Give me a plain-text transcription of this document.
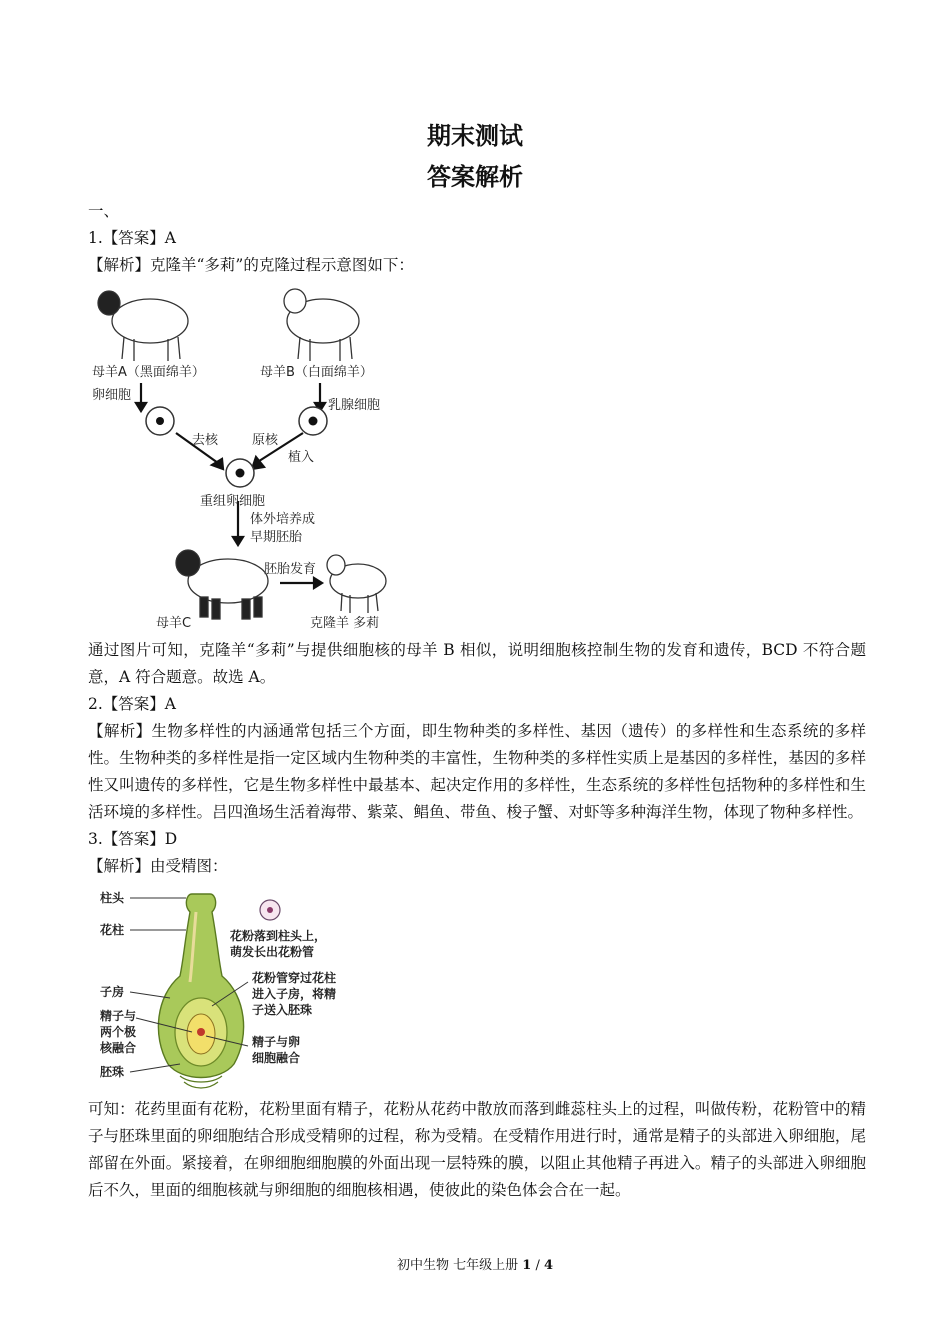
期末测试
答案解析
一、
1.【答案】A
【解析】克隆羊“多莉”的克隆过程示意图如下：
母羊A（黑面绵羊）	母羊B（白面绵羊）
卵细胞
乳腺细胞
去核	原核
植入
重组卵细胞
体外培养成
早期胚胎
胚胎发育
母羊C	克隆羊 多莉
通过图片可知，克隆羊“多莉”与提供细胞核的母羊 B 相似，说明细胞核控制生物的发育和遗传，BCD 不符合题意，A 符合题意。故选 A。
2.【答案】A
【解析】生物多样性的内涵通常包括三个方面，即生物种类的多样性、基因（遗传）的多样性和生态系统的多样性。生物种类的多样性是指一定区域内生物种类的丰富性，生物种类的多样性实质上是基因的多样性，基因的多样性又叫遗传的多样性，它是生物多样性中最基本、起决定作用的多样性，生态系统的多样性包括物种的多样性和生活环境的多样性。吕四渔场生活着海带、紫菜、鲳鱼、带鱼、梭子蟹、对虾等多种海洋生物，体现了物种多样性。
3.【答案】D
【解析】由受精图：
柱头
花柱
子房
精子与
两个极
核融合
胚珠
花粉落到柱头上，
萌发长出花粉管
花粉管穿过花柱
进入子房，将精
子送入胚珠
精子与卵
细胞融合
可知：花药里面有花粉，花粉里面有精子，花粉从花药中散放而落到雌蕊柱头上的过程，叫做传粉，花粉管中的精子与胚珠里面的卵细胞结合形成受精卵的过程，称为受精。在受精作用进行时，通常是精子的头部进入卵细胞，尾部留在外面。紧接着，在卵细胞细胞膜的外面出现一层特殊的膜，以阻止其他精子再进入。精子的头部进入卵细胞后不久，里面的细胞核就与卵细胞的细胞核相遇，使彼此的染色体会合在一起。
初中生物 七年级上册 1 / 4
